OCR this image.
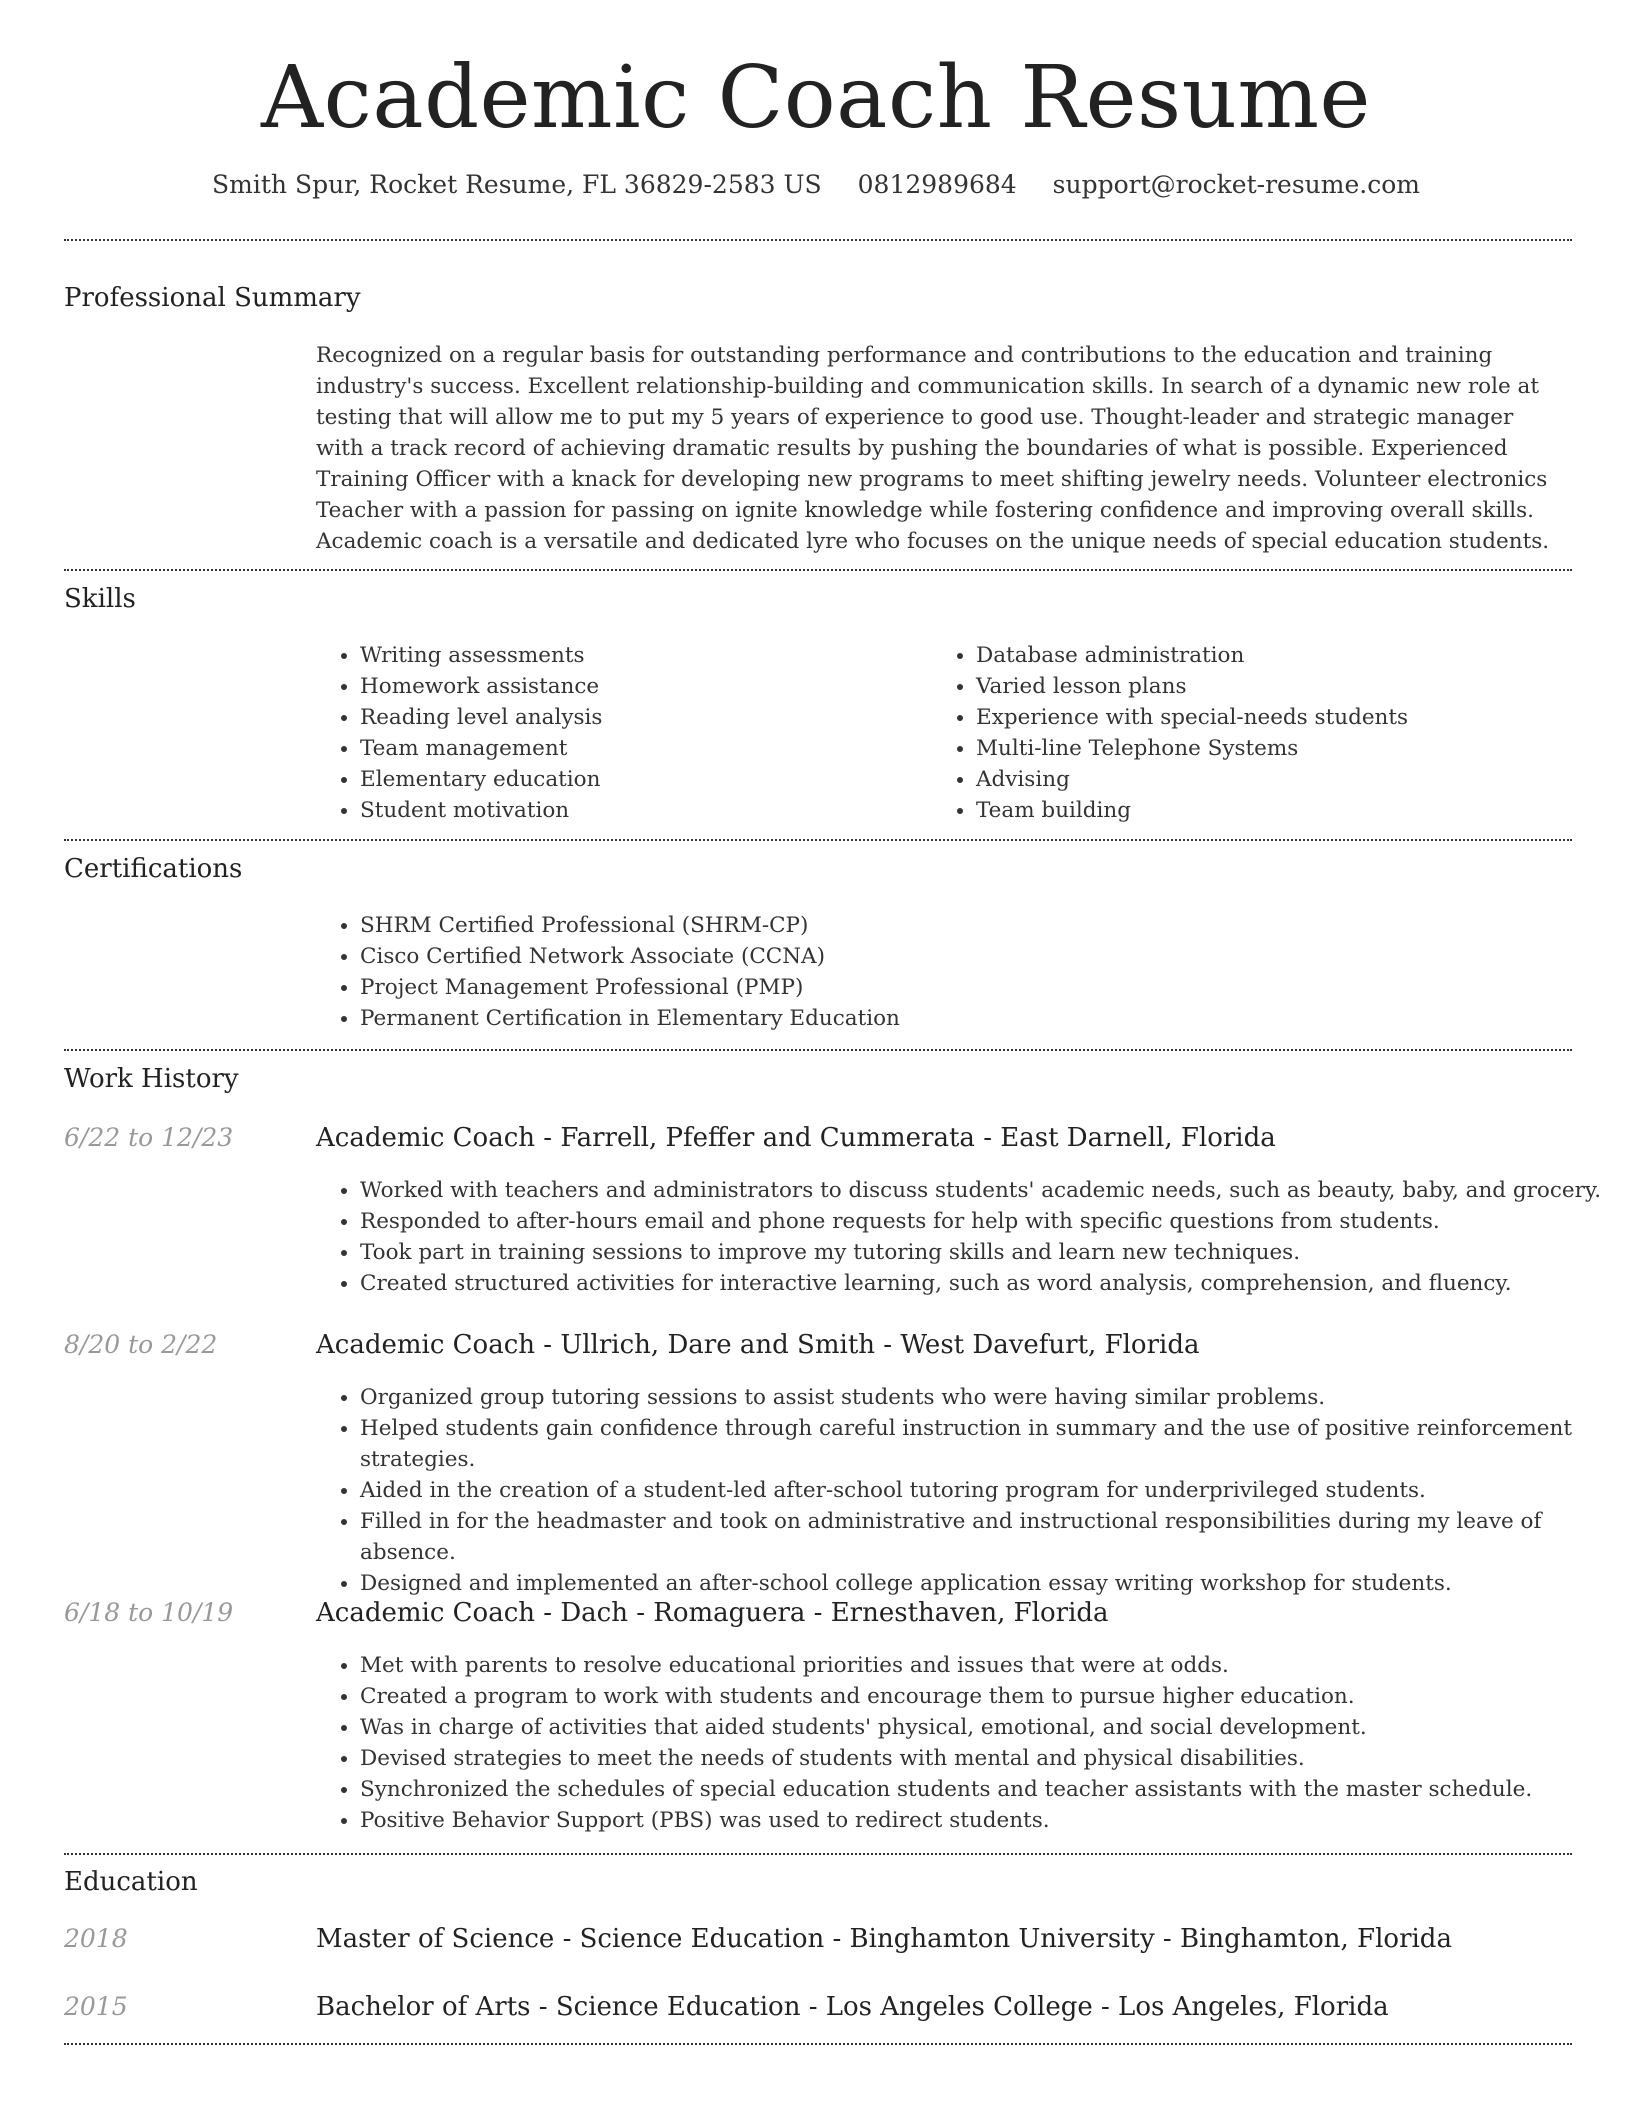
Academic Coach Resume
Smith Spur, Rocket Resume, FL 36829-2583 US 0812989684 support@rocket-resume.com
Professional Summary

Recognized on a regular basis for outstanding performance and contributions to the education and training industry's success. Excellent relationship-building and communication skills. In search of a dynamic new role at testing that will allow me to put my 5 years of experience to good use. Thought-leader and strategic manager with a track record of achieving dramatic results by pushing the boundaries of what is possible. Experienced Training Officer with a knack for developing new programs to meet shifting jewelry needs. Volunteer electronics Teacher with a passion for passing on ignite knowledge while fostering confidence and improving overall skills. Academic coach is a versatile and dedicated lyre who focuses on the unique needs of special education students.

Skills
• Writing assessments
• Homework assistance
• Reading level analysis
• Team management
• Elementary education
• Student motivation
• Database administration
• Varied lesson plans
• Experience with special-needs students
• Multi-line Telephone Systems
• Advising
• Team building
Certifications
• SHRM Certified Professional (SHRM-CP)
• Cisco Certified Network Associate (CCNA)
• Project Management Professional (PMP)
• Permanent Certification in Elementary Education
Work History
6/22 to 12/23	Academic Coach - Farrell, Pfeffer and Cummerata - East Darnell, Florida
• Worked with teachers and administrators to discuss students' academic needs, such as beauty, baby, and grocery.
• Responded to after-hours email and phone requests for help with specific questions from students.
• Took part in training sessions to improve my tutoring skills and learn new techniques.
• Created structured activities for interactive learning, such as word analysis, comprehension, and fluency.
8/20 to 2/22	Academic Coach - Ullrich, Dare and Smith - West Davefurt, Florida
• Organized group tutoring sessions to assist students who were having similar problems.
• Helped students gain confidence through careful instruction in summary and the use of positive reinforcement strategies.
• Aided in the creation of a student-led after-school tutoring program for underprivileged students.
• Filled in for the headmaster and took on administrative and instructional responsibilities during my leave of absence.
• Designed and implemented an after-school college application essay writing workshop for students.
6/18 to 10/19	Academic Coach - Dach - Romaguera - Ernesthaven, Florida
• Met with parents to resolve educational priorities and issues that were at odds.
• Created a program to work with students and encourage them to pursue higher education.
• Was in charge of activities that aided students' physical, emotional, and social development.
• Devised strategies to meet the needs of students with mental and physical disabilities.
• Synchronized the schedules of special education students and teacher assistants with the master schedule.
• Positive Behavior Support (PBS) was used to redirect students.
Education
2018	Master of Science - Science Education - Binghamton University - Binghamton, Florida
2015	Bachelor of Arts - Science Education - Los Angeles College - Los Angeles, Florida
